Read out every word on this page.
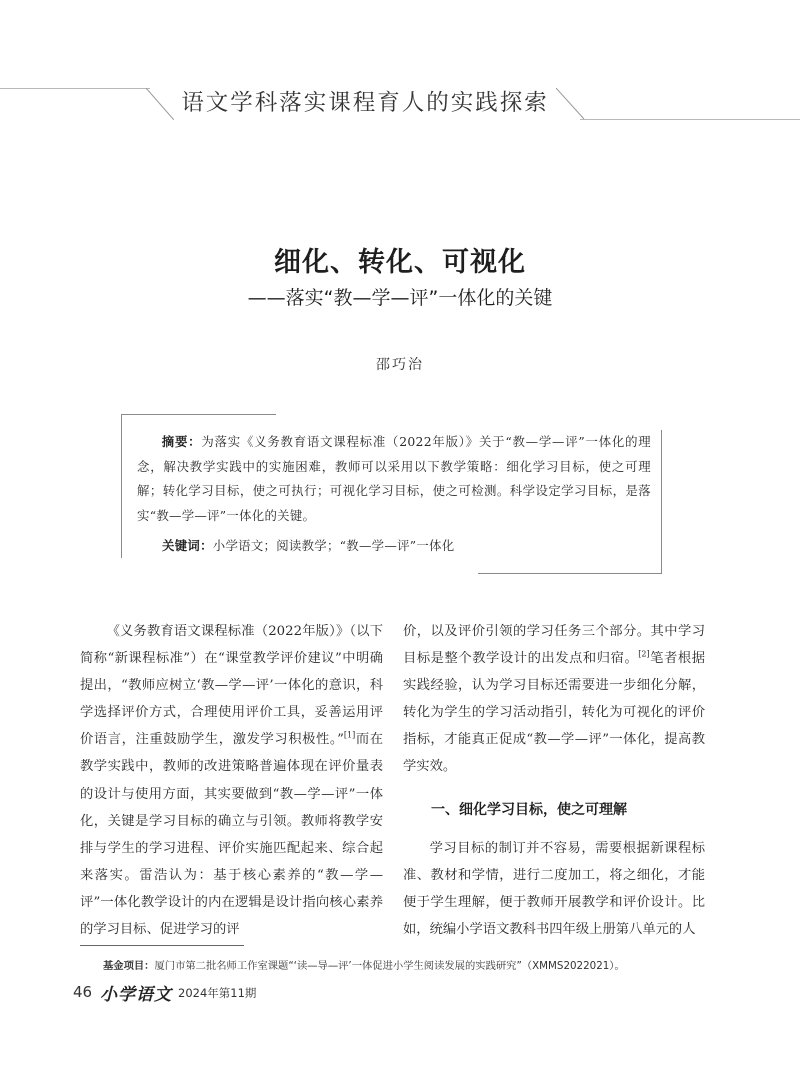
语文学科落实课程育人的实践探索
细化、转化、可视化
——落实“教—学—评”一体化的关键
邵巧治
摘要：为落实《义务教育语文课程标准（2022年版）》关于“教—学—评”一体化的理念，解决教学实践中的实施困难，教师可以采用以下教学策略：细化学习目标，使之可理解；转化学习目标，使之可执行；可视化学习目标，使之可检测。科学设定学习目标，是落实“教—学—评”一体化的关键。
关键词：小学语文；阅读教学；“教—学—评”一体化

《义务教育语文课程标准（2022年版）》（以下简称“新课程标准”）在“课堂教学评价建议”中明确提出，“教师应树立‘教—学—评’一体化的意识，科学选择评价方式，合理使用评价工具，妥善运用评价语言，注重鼓励学生，激发学习积极性。”[1]而在教学实践中，教师的改进策略普遍体现在评价量表的设计与使用方面，其实要做到“教—学—评”一体化，关键是学习目标的确立与引领。教师将教学安排与学生的学习进程、评价实施匹配起来、综合起来落实。雷浩认为：基于核心素养的“教—学—评”一体化教学设计的内在逻辑是设计指向核心素养的学习目标、促进学习的评

价，以及评价引领的学习任务三个部分。其中学习目标是整个教学设计的出发点和归宿。[2]笔者根据实践经验，认为学习目标还需要进一步细化分解，转化为学生的学习活动指引，转化为可视化的评价指标，才能真正促成“教—学—评”一体化，提高教学实效。

一、细化学习目标，使之可理解

学习目标的制订并不容易，需要根据新课程标准、教材和学情，进行二度加工，将之细化，才能便于学生理解，便于教师开展教学和评价设计。比如，统编小学语文教科书四年级上册第八单元的人

基金项目：厦门市第二批名师工作室课题“‘读—导—评’一体促进小学生阅读发展的实践研究”（XMMS2022021）。
46 小学语文 2024年第11期
